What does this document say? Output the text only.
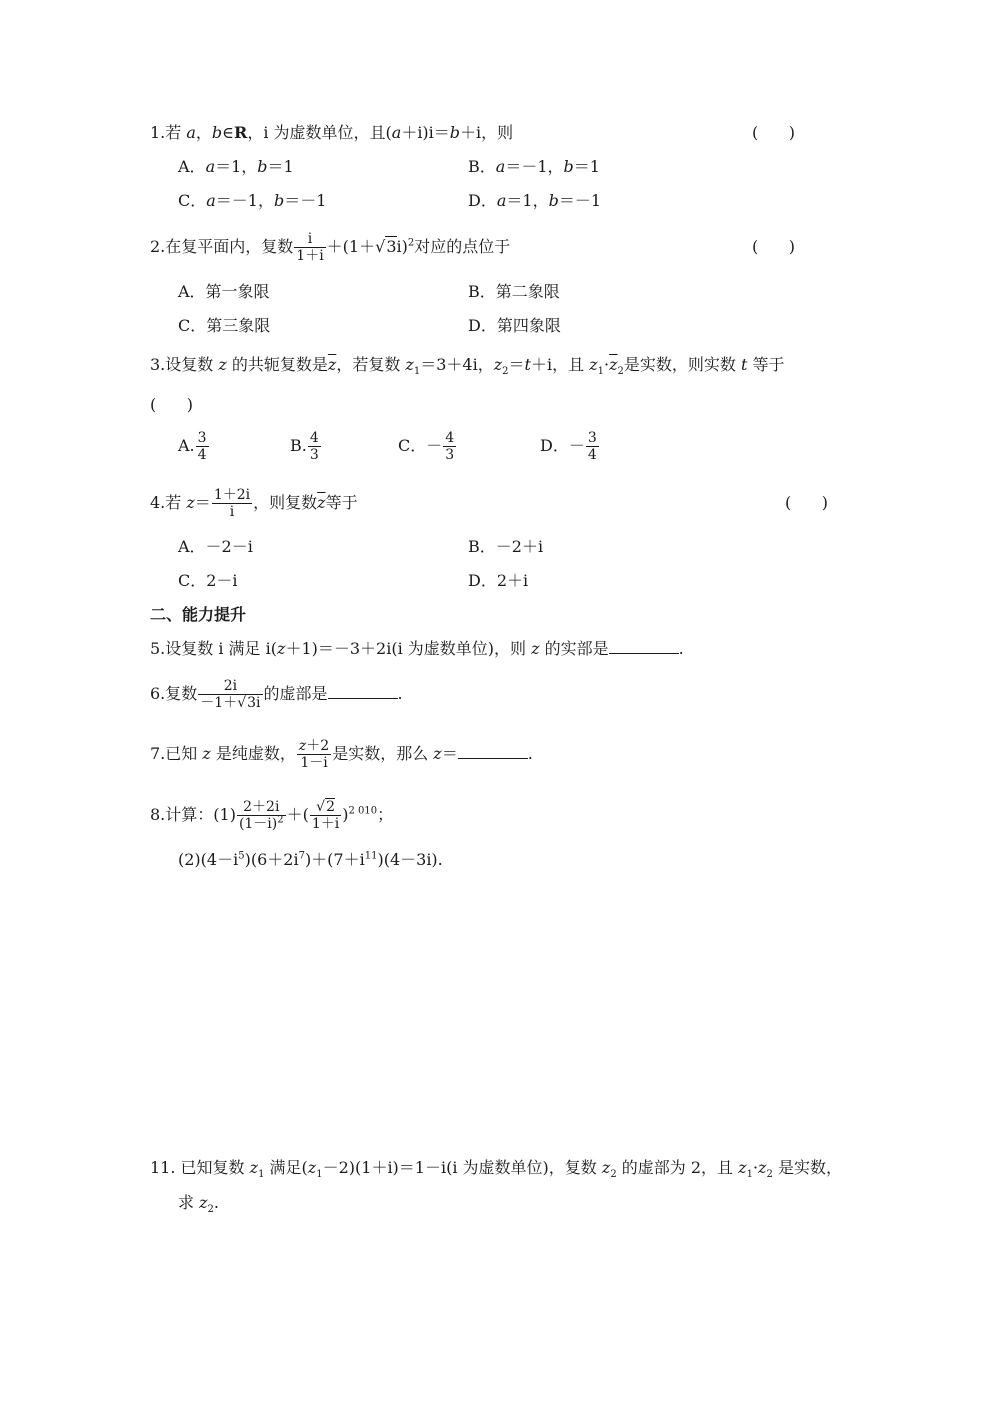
1.若 a，b∈R，i 为虚数单位，且(a＋i)i＝b＋i，则	(      )
A．a＝1，b＝1	B．a＝－1，b＝1
C．a＝－1，b＝－1	D．a＝1，b＝－1
2.在复平面内，复数 $\frac{i}{1+i} +(1+√3i)^2$对应的点位于	(      )
A．第一象限	B．第二象限
C．第三象限	D．第四象限
3.设复数 z 的共轭复数是$\overline{z}$，若复数 $z_1=3+4i$，$z_2=t+i$，且 $z_1\cdot\overline{z}_2$是实数，则实数 t 等于
(      )
A. $\frac{3}{4}$	B. $\frac{4}{3}$	C．－ $\frac{4}{3}$	D．－ $\frac{3}{4}$
4.若 $z= \frac{1+2i}{i}$ ，则复数$\overline{z}$等于	(      )
A．－2－i	B．－2＋i
C．2－i	D．2＋i
二、能力提升
5.设复数 i 满足 i(z＋1)＝－3＋2i(i 为虚数单位)，则 z 的实部是	.
6.复数 $\frac{2i}{-1+√3i}$ 的虚部是	.
7.已知 z 是纯虚数， $\frac{z+2}{1-i}$ 是实数，那么 z＝	.
8.计算：$(1) \frac{2+2i}{(1-i)^2}$ ＋( $\frac{√2}{1+i} )^{2 010}$；
$(2)(4-i^5)(6+2i^7)+(7+i^{11})(4-3i)$.
11. 已知复数 $z_1$ 满足$(z_1-2)(1+i)=1-i(i$ 为虚数单位)，复数 $z_2$ 的虚部为 2，且 $z_1\cdot z_2$ 是实数，
求 $z_2$.
